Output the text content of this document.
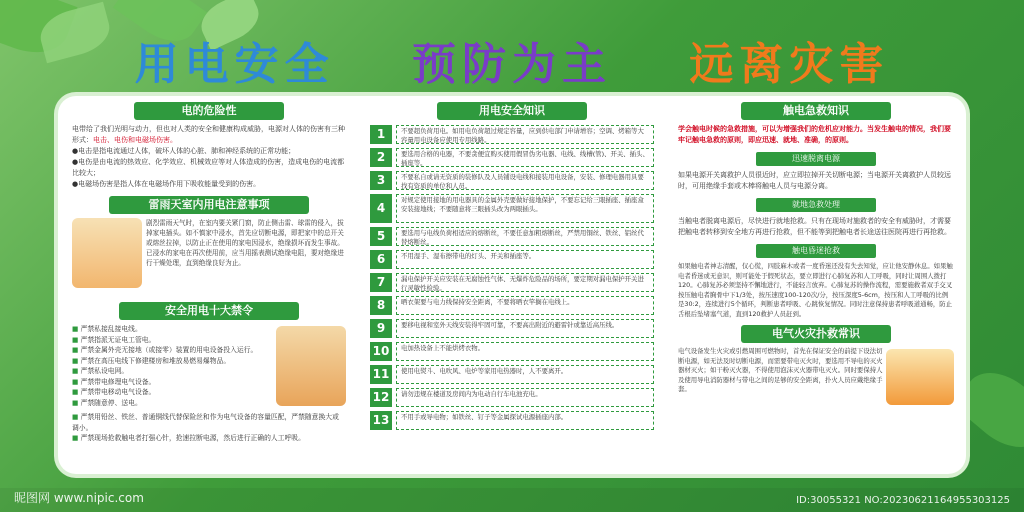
用电安全 预防为主 远离灾害
电的危险性
电带给了我们光明与动力，但也对人类的安全和健康构成威胁，电源对人体的伤害有三种形式：电击、电伤和电磁场伤害。
●电击是指电流通过人体，破坏人体的心脏、肺和神经系统的正常功能；
●电伤是由电流的热效应、化学效应、机械效应等对人体造成的伤害，造成电伤的电流都比较大；
●电磁场伤害是指人体在电磁场作用下吸收能量受到的伤害。
雷雨天室内用电注意事项
剧烈雷雨天气时，在室内要关紧门窗，防止侧击雷、球雷的侵入，拔掉家电插头。如不慎家中浸水，首先应切断电源，即把家中的总开关或熔丝拉掉，以防止正在使用的家电因浸水，绝缘损坏而发生事故。已浸水的家电在再次使用前，应当用摇表测试绝缘电阻，要对绝缘进行干燥处理，直到绝缘良好为止。
安全用电十大禁令
■ 严禁私接乱接电线。
■ 严禁指派无证电工管电。
■ 严禁金属外壳无接地（或接零）装置的用电设备投入运行。
■ 严禁在高压电线下修建楼房和堆放易燃易爆物品。
■ 严禁私设电网。
■ 严禁带电修理电气设备。
■ 严禁带电移动电气设备。
■ 严禁随意停、送电。
■ 严禁用铅丝、铁丝、普通铜线代替保险丝和作为电气设备的容量匹配，严禁随意换大或调小。
■ 严禁现场抢救触电者打强心针，抢速拉断电源，然后进行正确的人工呼吸。
用电安全知识
1	不要超负荷用电。如用电负荷超过规定容量，应到供电部门申请增容；空调、烤箱等大容量用电设备应使用专用线路。
2	要选用合格的电器，不要贪便宜购买使用假冒伪劣电器、电线、线槽(管)、开关、插头、插座等。
3	不要私自或请无资质的装修队及人员铺设电线和接装用电设备，安装、修理电器用具要找有资质的单位和人员。
4
对规定使用接地的用电器具的金属外壳要做好接地保护，不要忘记给三眼插座、插座盒安装接地线；不要随意将三眼插头改为两眼插头。
5	要选用与电线负荷相适应的熔断丝，不要任意加粗熔断丝，严禁用铜丝、铁丝、铝丝代替熔断丝。
6	不用湿手、湿布擦带电的灯头、开关和插座等。
7	漏电保护开关应安装在无腐蚀性气体、无爆炸危险品的场所，要定期对漏电保护开关进行灵敏性检验。
8	晒衣架要与电力线保持安全距离，不要将晒衣竿搁在电线上。
9	要移电视和室外天线安装得牢固可靠，不要高出附近的避雷针或靠近高压线。
10	电加热设备上不能烘烤衣物。
11	使用电熨斗、电吹风、电炉等家用电热器时，人不要离开。
12	请勿违规在楼道及房间内为电动自行车电池充电。
13	不用手或导电物；如铁丝、钉子等金属探试电源插座内部。
触电急救知识
学会触电时候的急救措施，可以为增强我们的危机应对能力。当发生触电的情况，我们要牢记触电急救的原则，即应迅速、就地、准确，的原则。
迅速脱离电源
如果电源开关离救护人员很近时，应立即拉掉开关切断电源；当电源开关离救护人员较远时，可用绝缘手套或木棒将触电人员与电源分离。
就地急救处理
当触电者脱离电源后，尽快进行就地抢救。只有在现场对施救者的安全有威胁时，才需要把触电者转移到安全地方再进行抢救，但不能等到把触电者长途送往医院再进行再抢救。
触电昏迷抢救
如果触电者神志清醒，仅心慌，四肢麻木或者一度昏迷还没有失去知觉，应让他安静休息。如果触电者昏迷或无意识，则可能处于假死状态，要立即进行心肺复苏和人工呼吸，同时让周围人拨打120。心肺复苏必须坚持不懈地进行，不能轻言放弃。心肺复苏的操作流程，需要施救者双手交叉按压触电者胸骨中下1/3处，按压速度100-120次/分，按压深度5-6cm，按压和人工呼吸的比例是30:2，连续进行5个循环，判断患者呼吸、心跳恢复情况。同时注意保持患者呼吸道通畅，防止舌根后坠堵塞气道，直到120救护人员赶到。
电气火灾扑救常识
电气设备发生火灾或引燃周围可燃物时，首先在保证安全的前提下设法切断电源，如无法及时切断电源，而需要带电灭火时，要选用不导电的灭火器材灭火；如干粉灭火器，不得使用泡沫灭火器带电灭火。同时要保持人及使用导电消防器材与带电之间的足够的安全距离，扑火人员应戴绝缘手套。
昵图网 www.nipic.com	ID:30055321 NO:20230621164955303125
